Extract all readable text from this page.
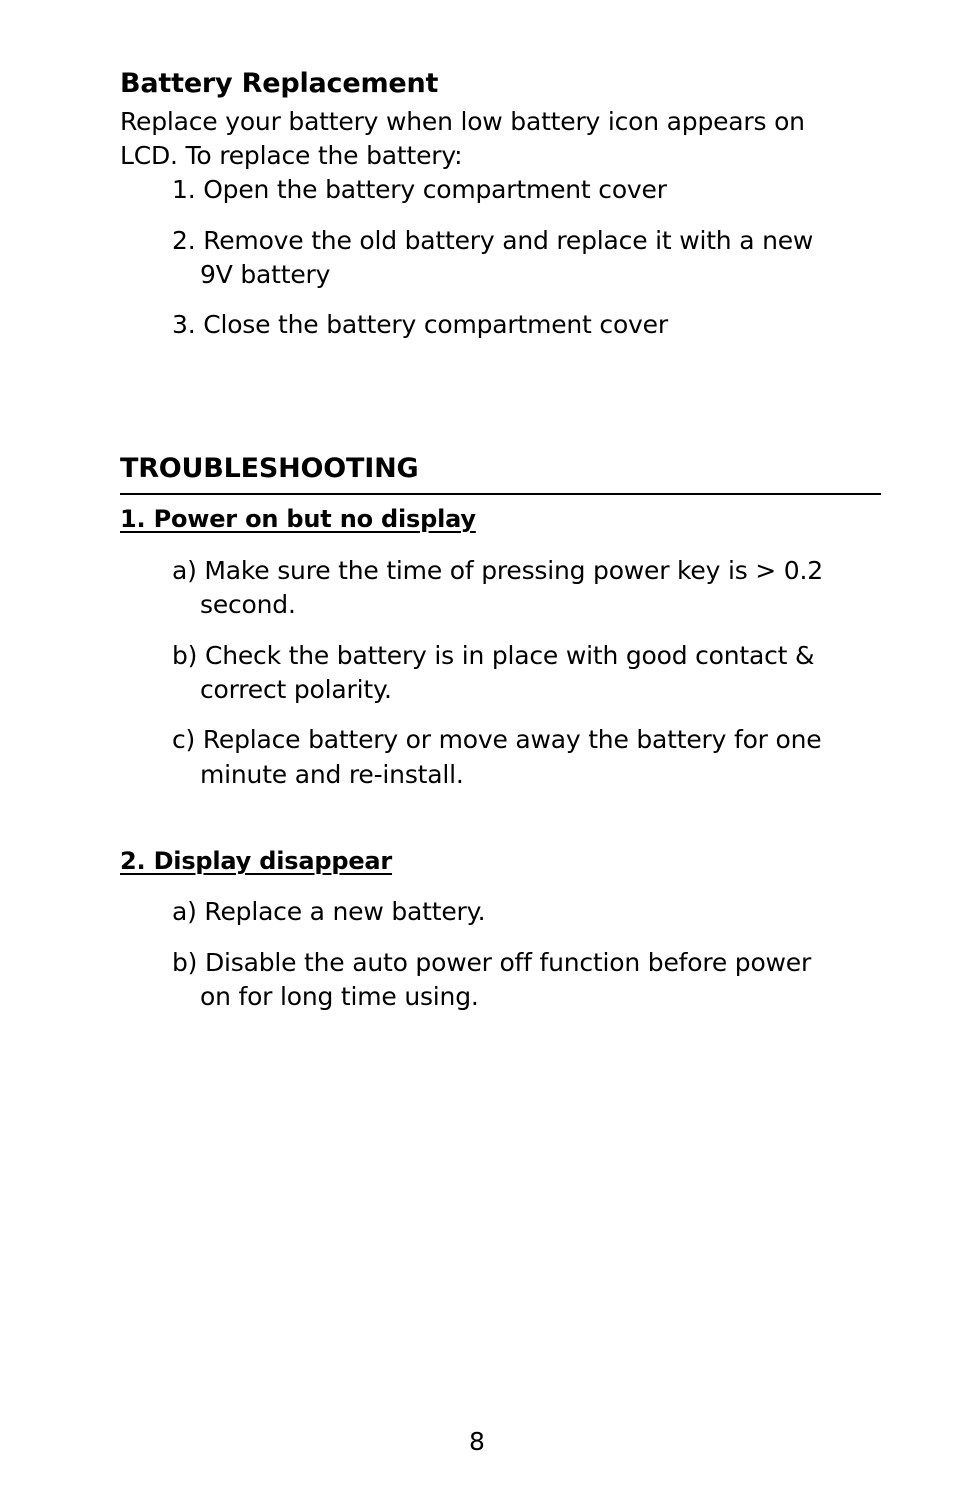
Battery Replacement
Replace your battery when low battery icon appears on
LCD. To replace the battery:
1. Open the battery compartment cover
2. Remove the old battery and replace it with a new
9V battery
3. Close the battery compartment cover
TROUBLESHOOTING
1. Power on but no display
a) Make sure the time of pressing power key is > 0.2
second.
b) Check the battery is in place with good contact &
correct polarity.
c) Replace battery or move away the battery for one
minute and re-install.
2. Display disappear
a) Replace a new battery.
b) Disable the auto power off function before power
on for long time using.
8
